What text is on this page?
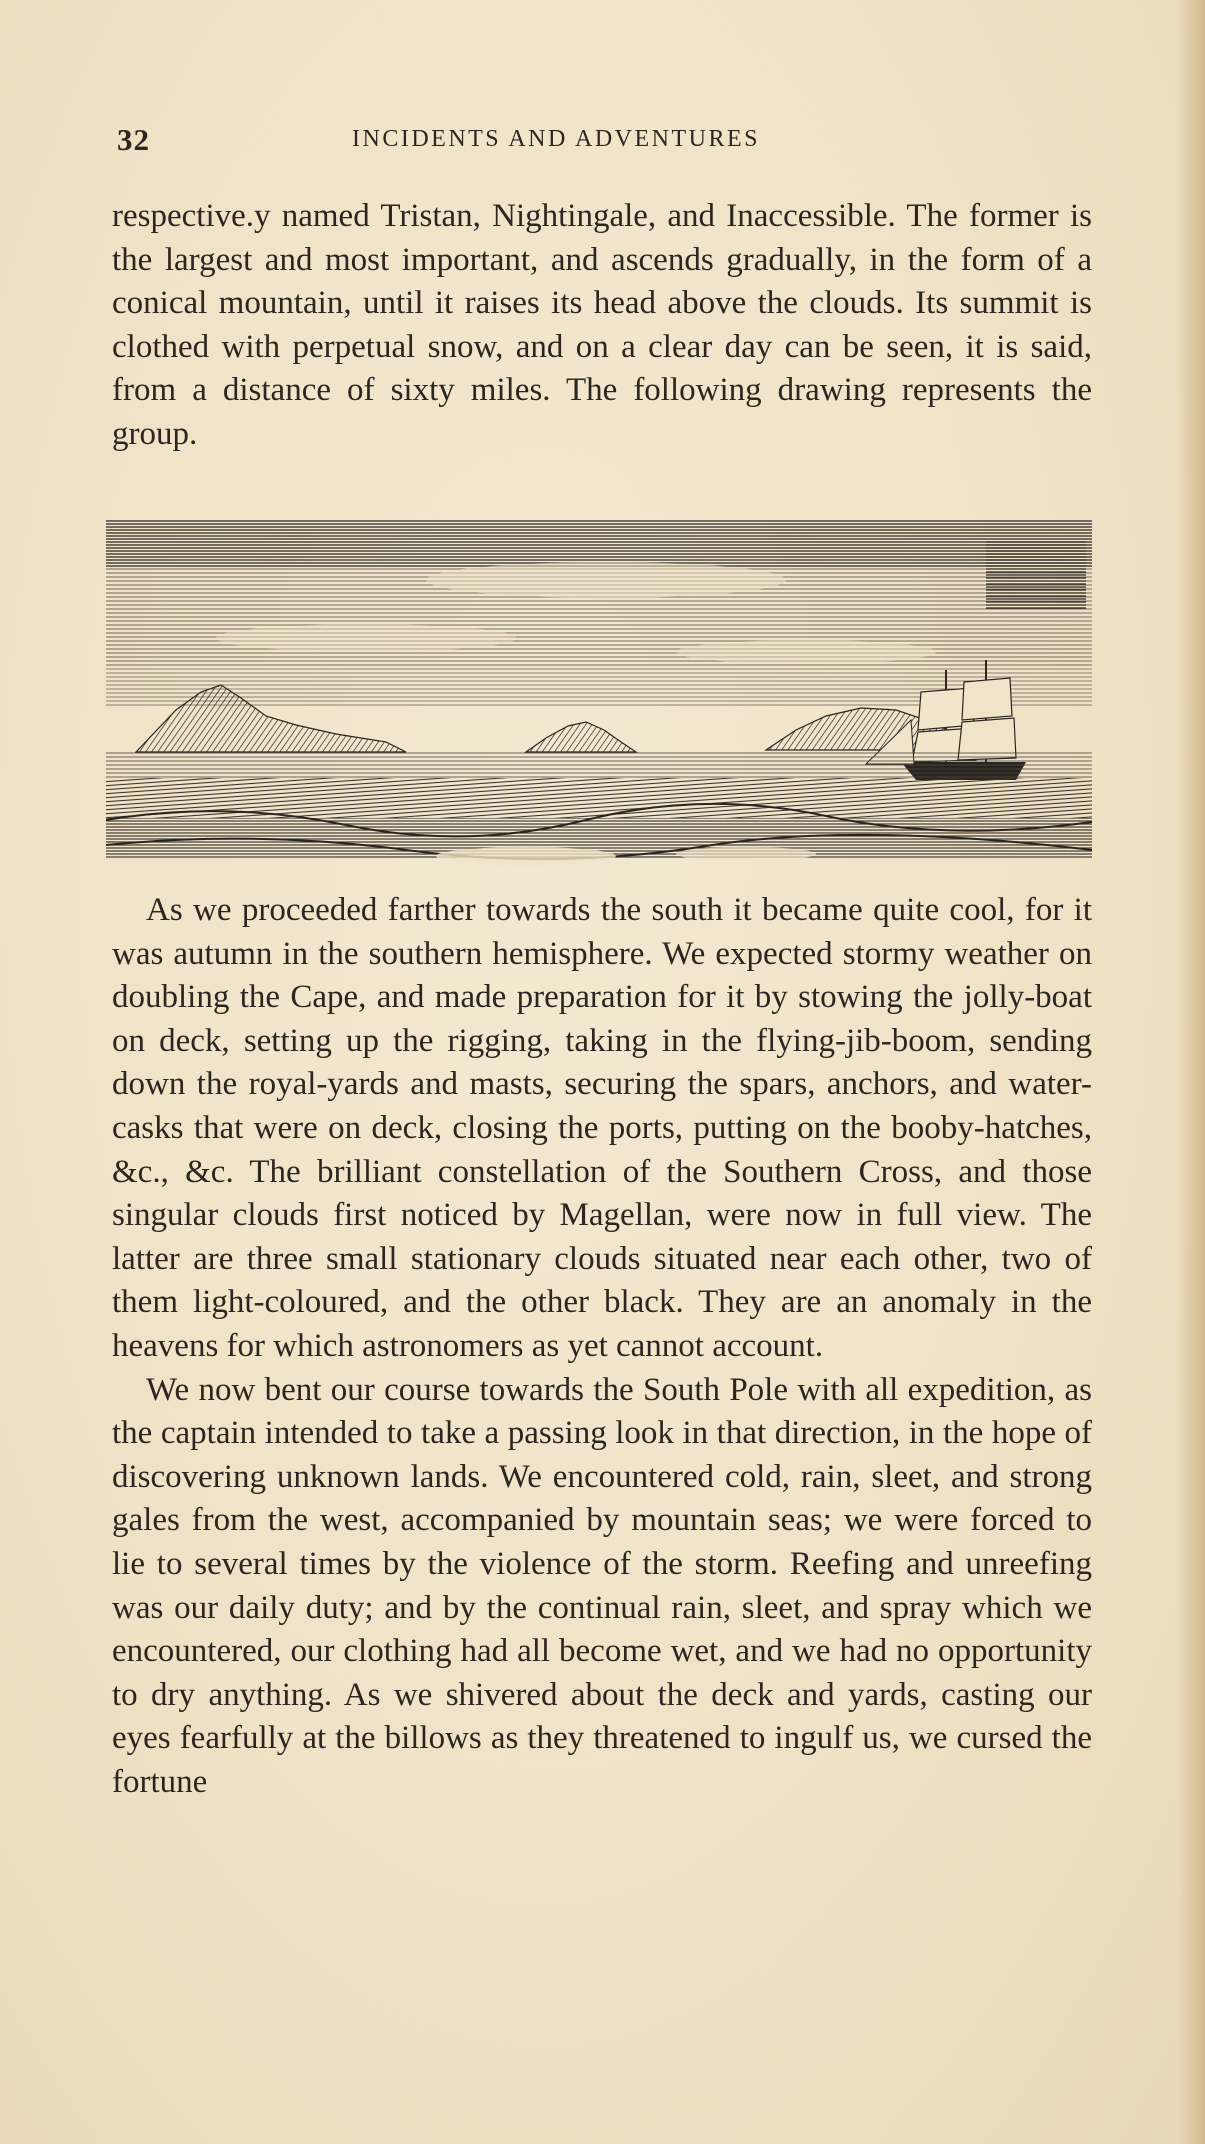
32	INCIDENTS AND ADVENTURES

respective.y named Tristan, Nightingale, and Inaccessible. The former is the largest and most important, and ascends gradually, in the form of a conical mountain, until it raises its head above the clouds. Its summit is clothed with perpetual snow, and on a clear day can be seen, it is said, from a distance of sixty miles. The following drawing represents the group.

As we proceeded farther towards the south it became quite cool, for it was autumn in the southern hemisphere. We expected stormy weather on doubling the Cape, and made preparation for it by stowing the jolly-boat on deck, setting up the rigging, taking in the flying-jib-boom, sending down the royal-yards and masts, securing the spars, anchors, and water-casks that were on deck, closing the ports, putting on the booby-hatches, &c., &c. The brilliant constellation of the Southern Cross, and those singular clouds first noticed by Magellan, were now in full view. The latter are three small stationary clouds situated near each other, two of them light-coloured, and the other black. They are an anomaly in the heavens for which astronomers as yet cannot account.

We now bent our course towards the South Pole with all expedition, as the captain intended to take a passing look in that direction, in the hope of discovering unknown lands. We encountered cold, rain, sleet, and strong gales from the west, accompanied by mountain seas; we were forced to lie to several times by the violence of the storm. Reefing and unreefing was our daily duty; and by the continual rain, sleet, and spray which we encountered, our clothing had all become wet, and we had no opportunity to dry anything. As we shivered about the deck and yards, casting our eyes fearfully at the billows as they threatened to ingulf us, we cursed the fortune
